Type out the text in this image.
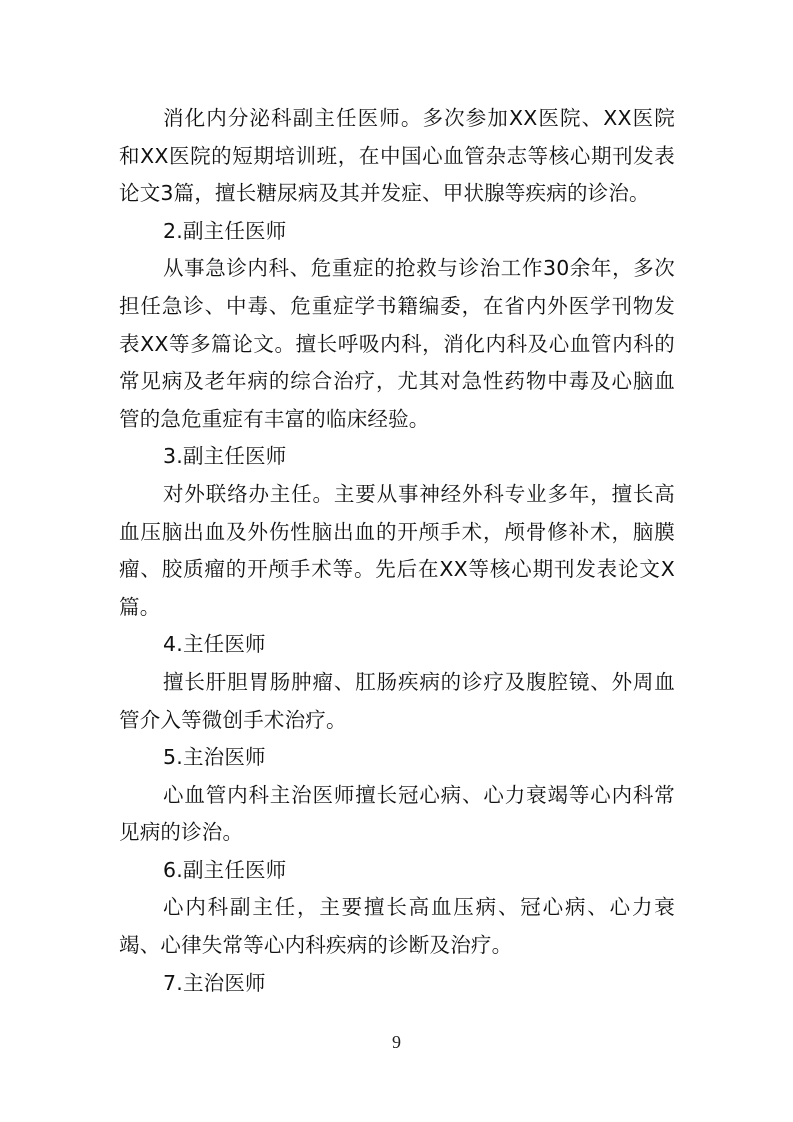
消化内分泌科副主任医师。多次参加XX医院、XX医院和XX医院的短期培训班，在中国心血管杂志等核心期刊发表论文3篇，擅长糖尿病及其并发症、甲状腺等疾病的诊治。

2.副主任医师

从事急诊内科、危重症的抢救与诊治工作30余年，多次担任急诊、中毒、危重症学书籍编委，在省内外医学刊物发表XX等多篇论文。擅长呼吸内科，消化内科及心血管内科的常见病及老年病的综合治疗，尤其对急性药物中毒及心脑血管的急危重症有丰富的临床经验。

3.副主任医师

对外联络办主任。主要从事神经外科专业多年，擅长高血压脑出血及外伤性脑出血的开颅手术，颅骨修补术，脑膜瘤、胶质瘤的开颅手术等。先后在XX等核心期刊发表论文X篇。

4.主任医师

擅长肝胆胃肠肿瘤、肛肠疾病的诊疗及腹腔镜、外周血管介入等微创手术治疗。

5.主治医师

心血管内科主治医师擅长冠心病、心力衰竭等心内科常见病的诊治。

6.副主任医师

心内科副主任，主要擅长高血压病、冠心病、心力衰竭、心律失常等心内科疾病的诊断及治疗。

7.主治医师

9
